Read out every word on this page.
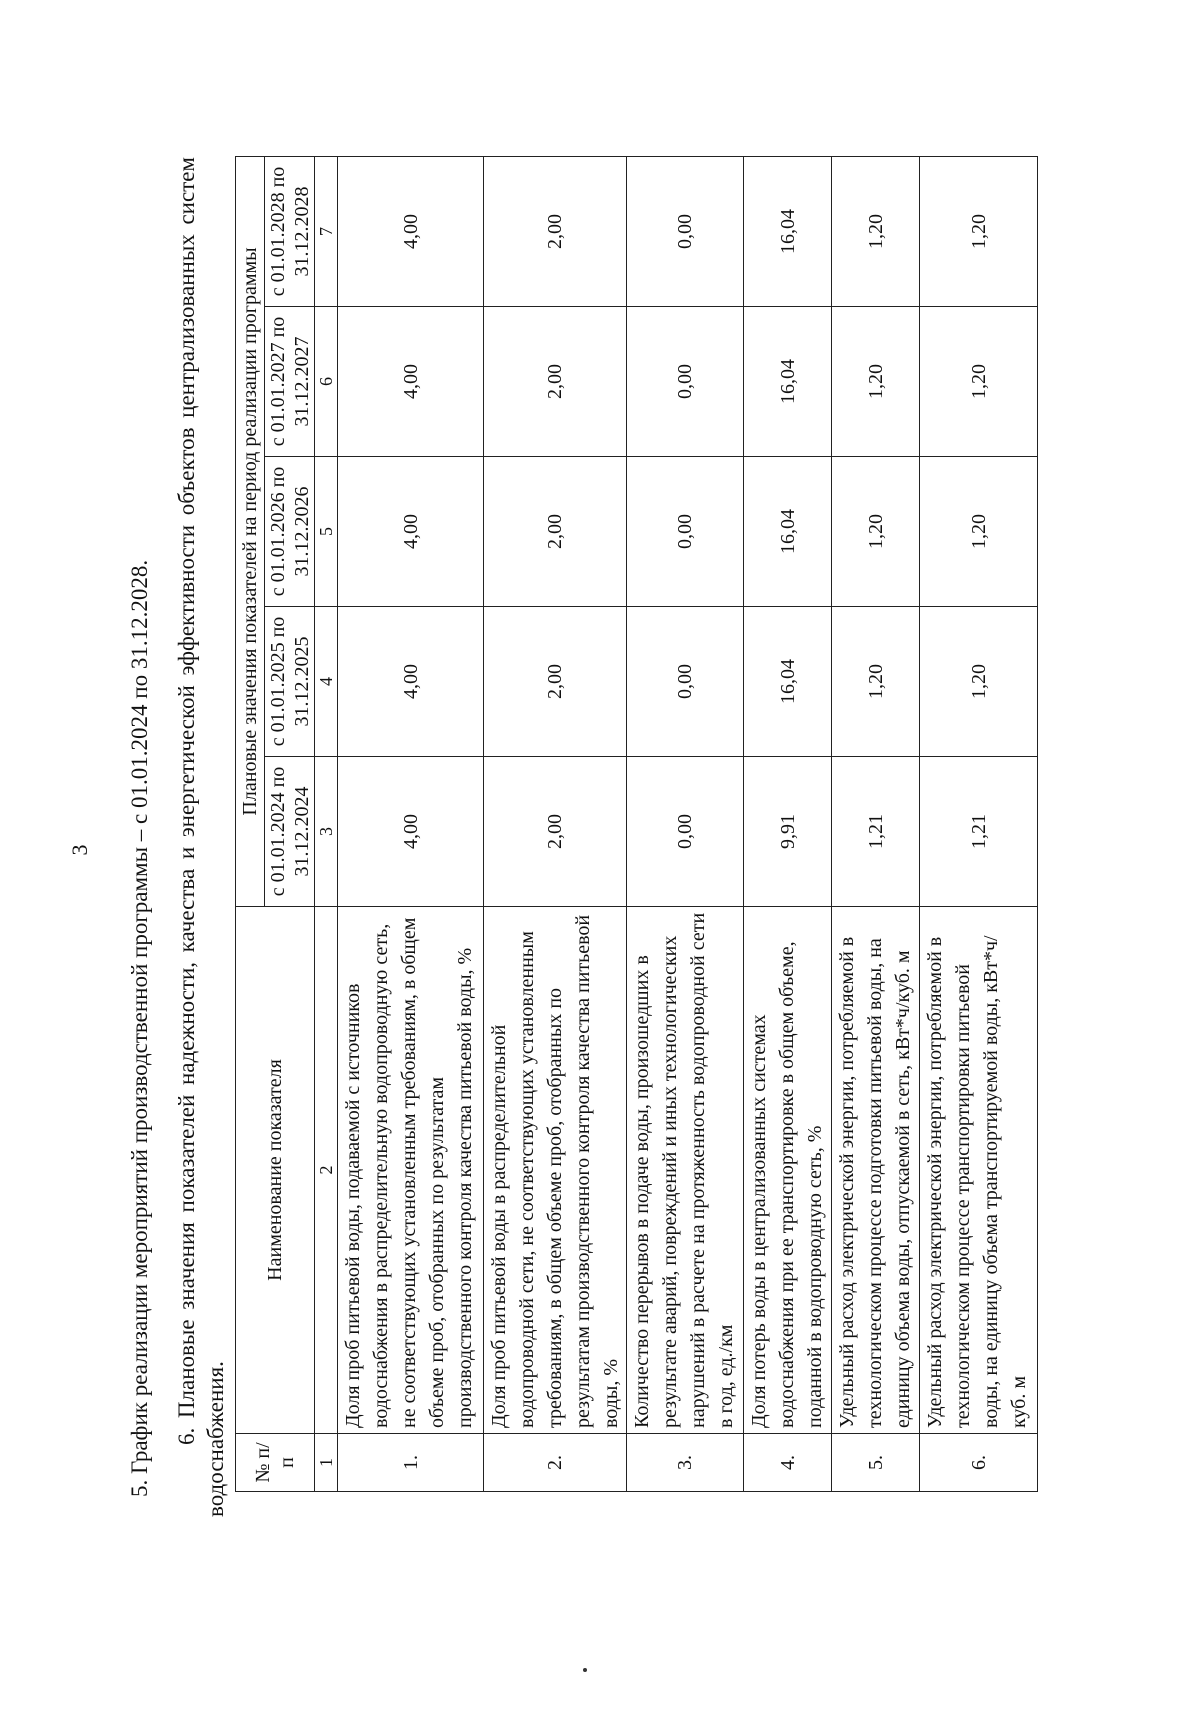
3 5. График реализации мероприятий производственной программы – с 01.01.2024 по 31.12.2028. 6. Плановые значения показателей надежности, качества и энергетической эффективности объектов централизованных систем водоснабжения. № п/п	Наименование показателя	Плановые значения показателей на период реализации программы				
		с 01.01.2024 по 31.12.2024	с 01.01.2025 по 31.12.2025	с 01.01.2026 по 31.12.2026	с 01.01.2027 по 31.12.2027	с 01.01.2028 по 31.12.2028
1	2	3	4	5	6	7
1.	Доля проб питьевой воды, подаваемой с источников водоснабжения в распределительную водопроводную сеть, не соответствующих установленным требованиям, в общем объеме проб, отобранных по результатам производственного контроля качества питьевой воды, %	4,00	4,00	4,00	4,00	4,00
2.	Доля проб питьевой воды в распределительной водопроводной сети, не соответствующих установленным требованиям, в общем объеме проб, отобранных по результатам производственного контроля качества питьевой воды, %	2,00	2,00	2,00	2,00	2,00
3.	Количество перерывов в подаче воды, произошедших в результате аварий, повреждений и иных технологических нарушений в расчете на протяженность водопроводной сети в год, ед./км	0,00	0,00	0,00	0,00	0,00
4.	Доля потерь воды в централизованных системах водоснабжения при ее транспортировке в общем объеме, поданной в водопроводную сеть, %	9,91	16,04	16,04	16,04	16,04
5.	Удельный расход электрической энергии, потребляемой в технологическом процессе подготовки питьевой воды, на единицу объема воды, отпускаемой в сеть, кВт*ч/куб. м	1,21	1,20	1,20	1,20	1,20
6.	Удельный расход электрической энергии, потребляемой в технологическом процессе транспортировки питьевой воды, на единицу объема транспортируемой воды, кВт*ч/куб. м	1,21	1,20	1,20	1,20	1,20
